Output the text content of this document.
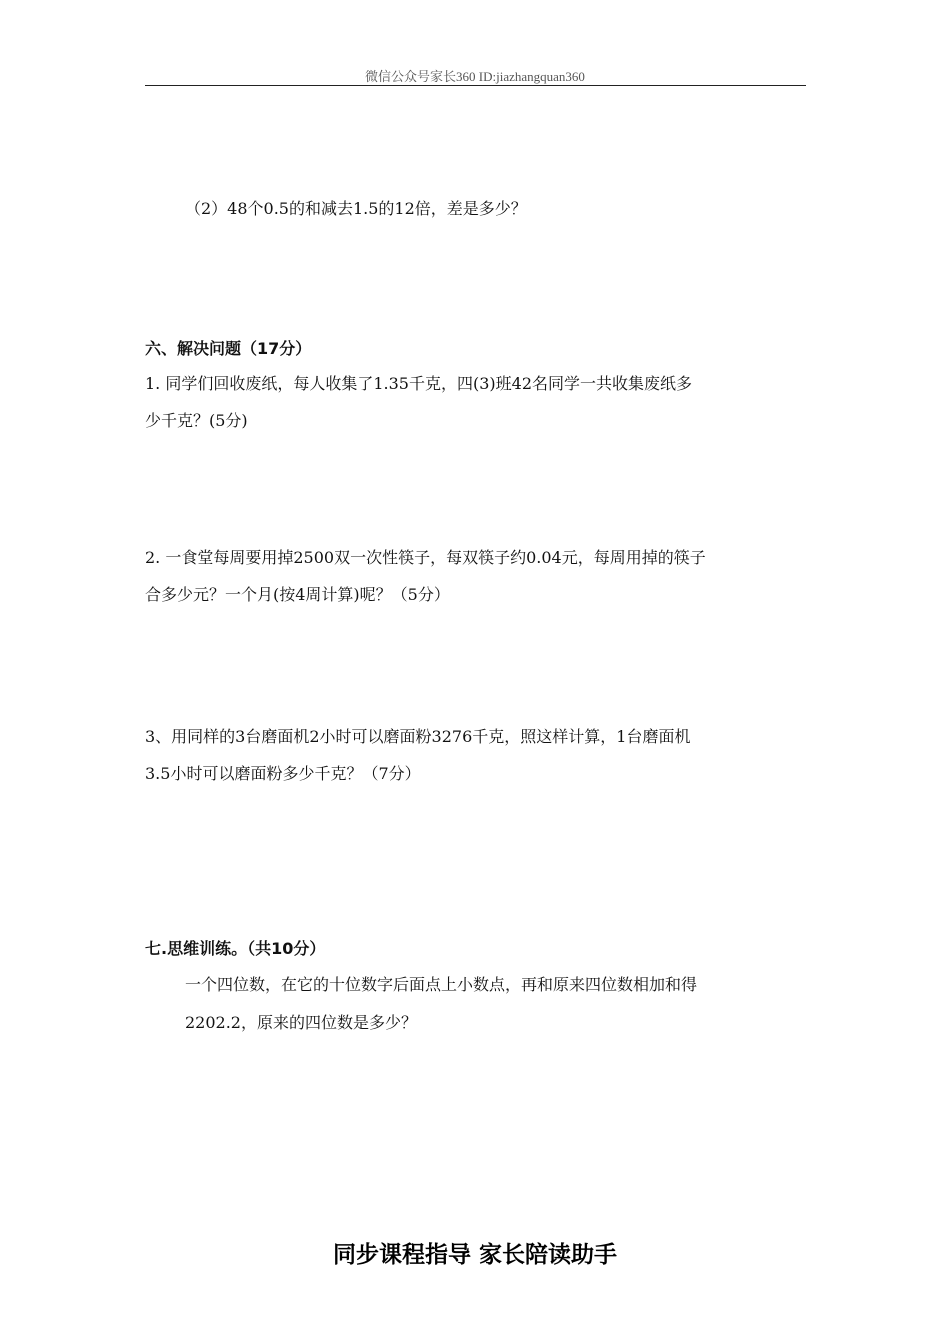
微信公众号家长360 ID:jiazhangquan360
（2）48个0.5的和减去1.5的12倍，差是多少？
六、解决问题（17分）
1. 同学们回收废纸，每人收集了1.35千克，四(3)班42名同学一共收集废纸多
少千克？(5分)
2. 一食堂每周要用掉2500双一次性筷子，每双筷子约0.04元，每周用掉的筷子
合多少元？一个月(按4周计算)呢？（5分）
3、用同样的3台磨面机2小时可以磨面粉3276千克，照这样计算，1台磨面机
3.5小时可以磨面粉多少千克？（7分）
七.思维训练。（共10分）
一个四位数，在它的十位数字后面点上小数点，再和原来四位数相加和得
2202.2，原来的四位数是多少？
同步课程指导 家长陪读助手
